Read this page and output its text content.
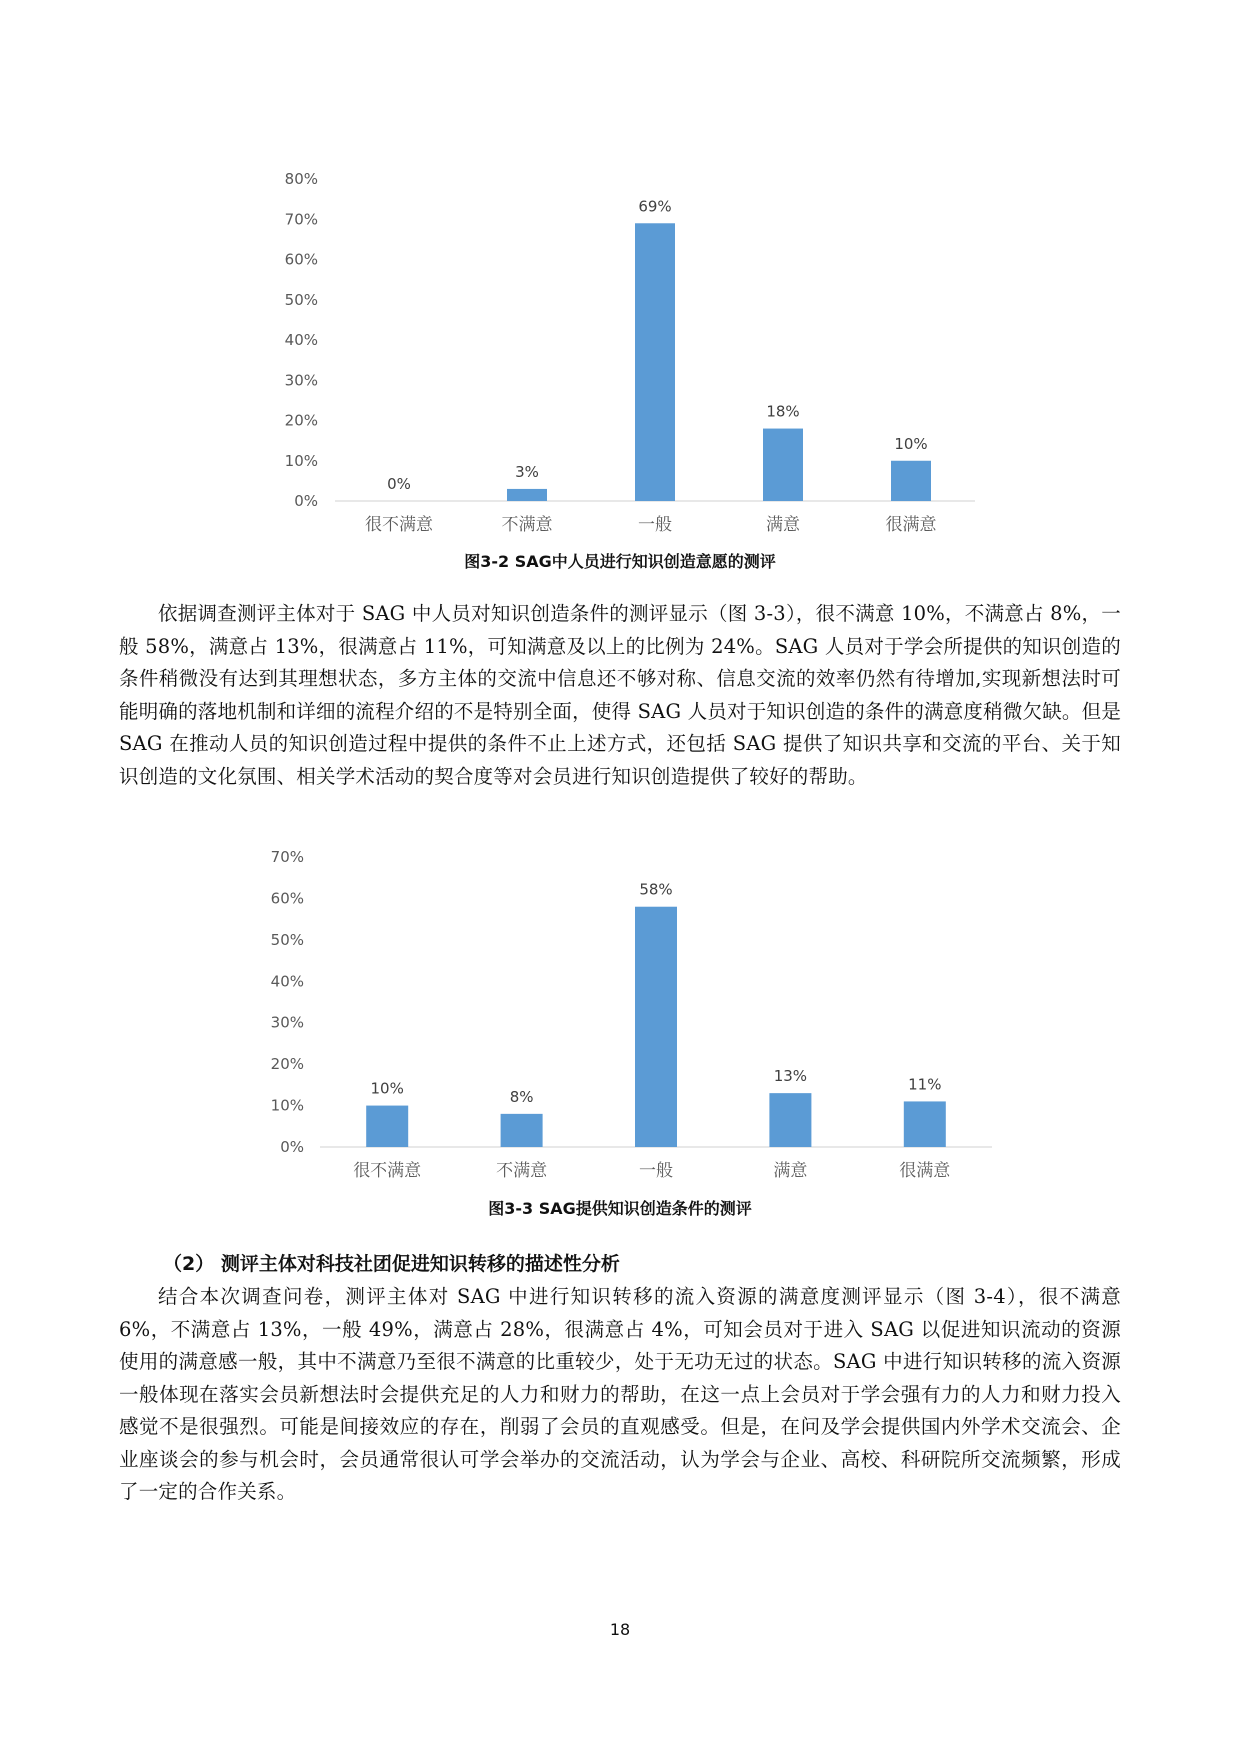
0%
10%
20%
30%
40%
50%
60%
70%
80%
0%
很不满意
3%
不满意
69%
一般
18%
满意
10%
很满意
图3-2 SAG中人员进行知识创造意愿的测评

依据调查测评主体对于 SAG 中人员对知识创造条件的测评显示（图 3-3），很不满意 10%，不满意占 8%，一般 58%，满意占 13%，很满意占 11%，可知满意及以上的比例为 24%。SAG 人员对于学会所提供的知识创造的条件稍微没有达到其理想状态，多方主体的交流中信息还不够对称、信息交流的效率仍然有待增加,实现新想法时可能明确的落地机制和详细的流程介绍的不是特别全面，使得 SAG 人员对于知识创造的条件的满意度稍微欠缺。但是 SAG 在推动人员的知识创造过程中提供的条件不止上述方式，还包括 SAG 提供了知识共享和交流的平台、关于知识创造的文化氛围、相关学术活动的契合度等对会员进行知识创造提供了较好的帮助。

0%
10%
20%
30%
40%
50%
60%
70%
10%
很不满意
8%
不满意
58%
一般
13%
满意
11%
很满意
图3-3 SAG提供知识创造条件的测评
（2） 测评主体对科技社团促进知识转移的描述性分析

结合本次调查问卷，测评主体对 SAG 中进行知识转移的流入资源的满意度测评显示（图 3-4），很不满意 6%，不满意占 13%，一般 49%，满意占 28%，很满意占 4%，可知会员对于进入 SAG 以促进知识流动的资源使用的满意感一般，其中不满意乃至很不满意的比重较少，处于无功无过的状态。SAG 中进行知识转移的流入资源一般体现在落实会员新想法时会提供充足的人力和财力的帮助，在这一点上会员对于学会强有力的人力和财力投入感觉不是很强烈。可能是间接效应的存在，削弱了会员的直观感受。但是，在问及学会提供国内外学术交流会、企业座谈会的参与机会时，会员通常很认可学会举办的交流活动，认为学会与企业、高校、科研院所交流频繁，形成了一定的合作关系。

18
